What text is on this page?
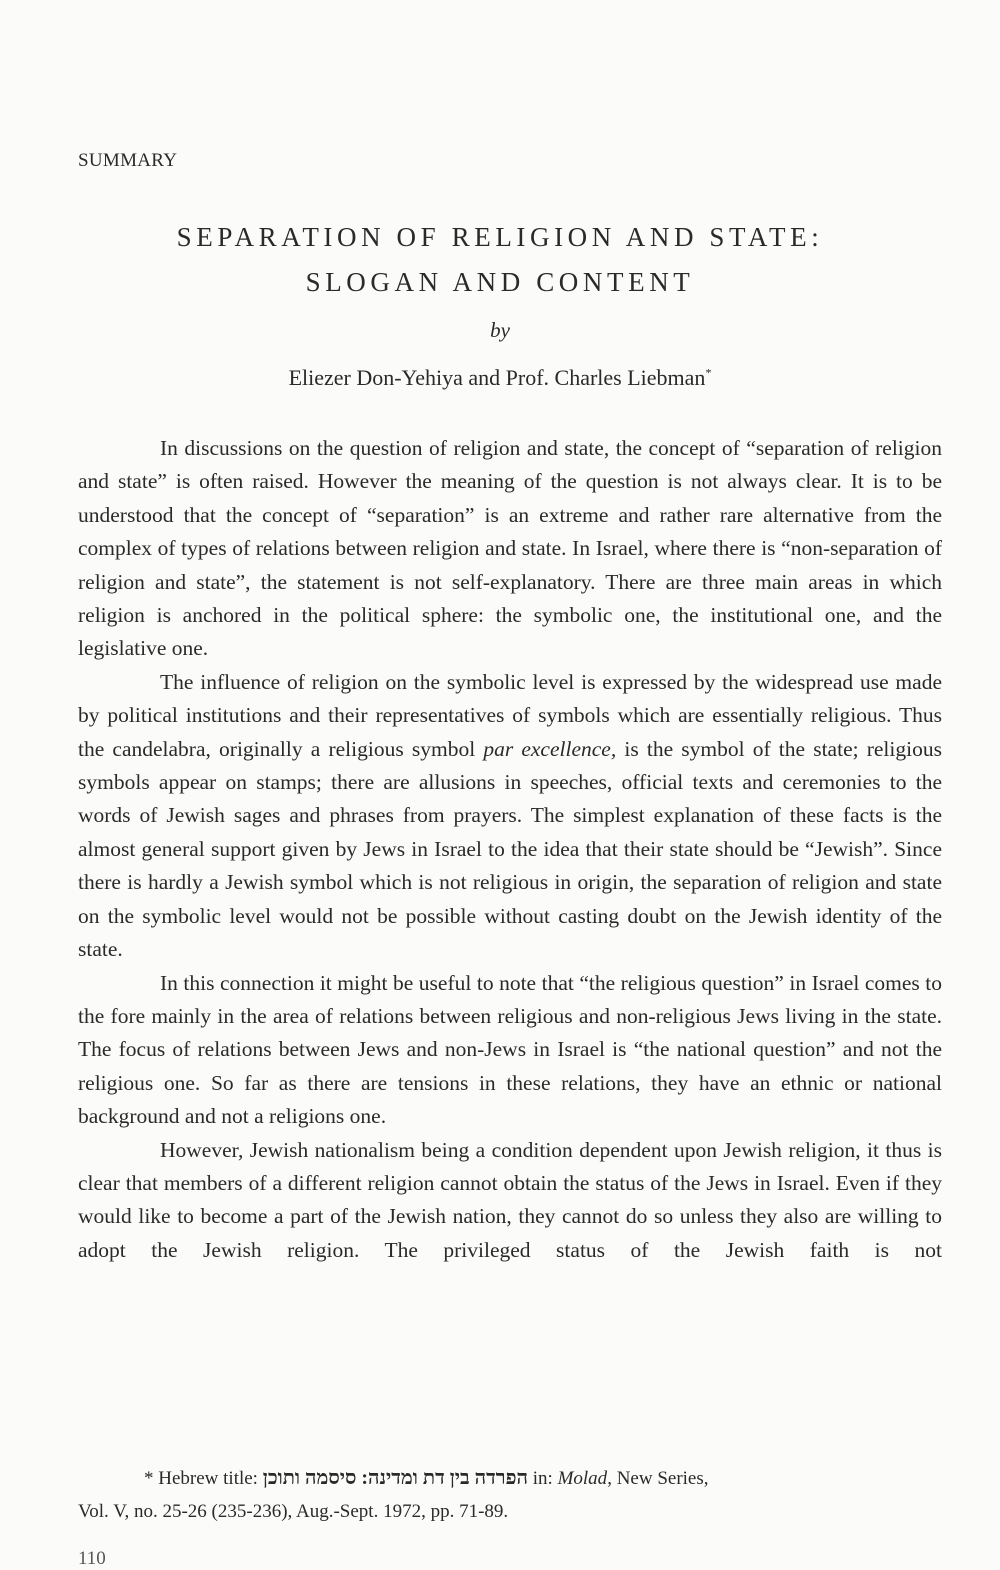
SUMMARY
SEPARATION OF RELIGION AND STATE:
SLOGAN AND CONTENT
by
Eliezer Don-Yehiya and Prof. Charles Liebman*

In discussions on the question of religion and state, the concept of “separation of religion and state” is often raised. However the meaning of the question is not always clear. It is to be understood that the concept of “separation” is an extreme and rather rare alternative from the complex of types of relations between religion and state. In Israel, where there is “non-separation of religion and state”, the statement is not self-explanatory. There are three main areas in which religion is anchored in the political sphere: the symbolic one, the institutional one, and the legislative one.

The influence of religion on the symbolic level is expressed by the widespread use made by political institutions and their representatives of symbols which are essentially religious. Thus the candelabra, originally a religious symbol par excellence, is the symbol of the state; religious symbols appear on stamps; there are allusions in speeches, official texts and ceremonies to the words of Jewish sages and phrases from prayers. The simplest explanation of these facts is the almost general support given by Jews in Israel to the idea that their state should be “Jewish”. Since there is hardly a Jewish symbol which is not religious in origin, the separation of religion and state on the symbolic level would not be possible without casting doubt on the Jewish identity of the state.

In this connection it might be useful to note that “the religious question” in Israel comes to the fore mainly in the area of relations between religious and non-religious Jews living in the state. The focus of relations between Jews and non-Jews in Israel is “the national question” and not the religious one. So far as there are tensions in these relations, they have an ethnic or national background and not a religions one.

However, Jewish nationalism being a condition dependent upon Jewish religion, it thus is clear that members of a different religion cannot obtain the status of the Jews in Israel. Even if they would like to become a part of the Jewish nation, they cannot do so unless they also are willing to adopt the Jewish religion. The privileged status of the Jewish faith is not

* Hebrew title: הפרדה בין דת ומדינה: סיסמה ותוכן in: Molad, New Series,
Vol. V, no. 25-26 (235-236), Aug.-Sept. 1972, pp. 71-89.
110
